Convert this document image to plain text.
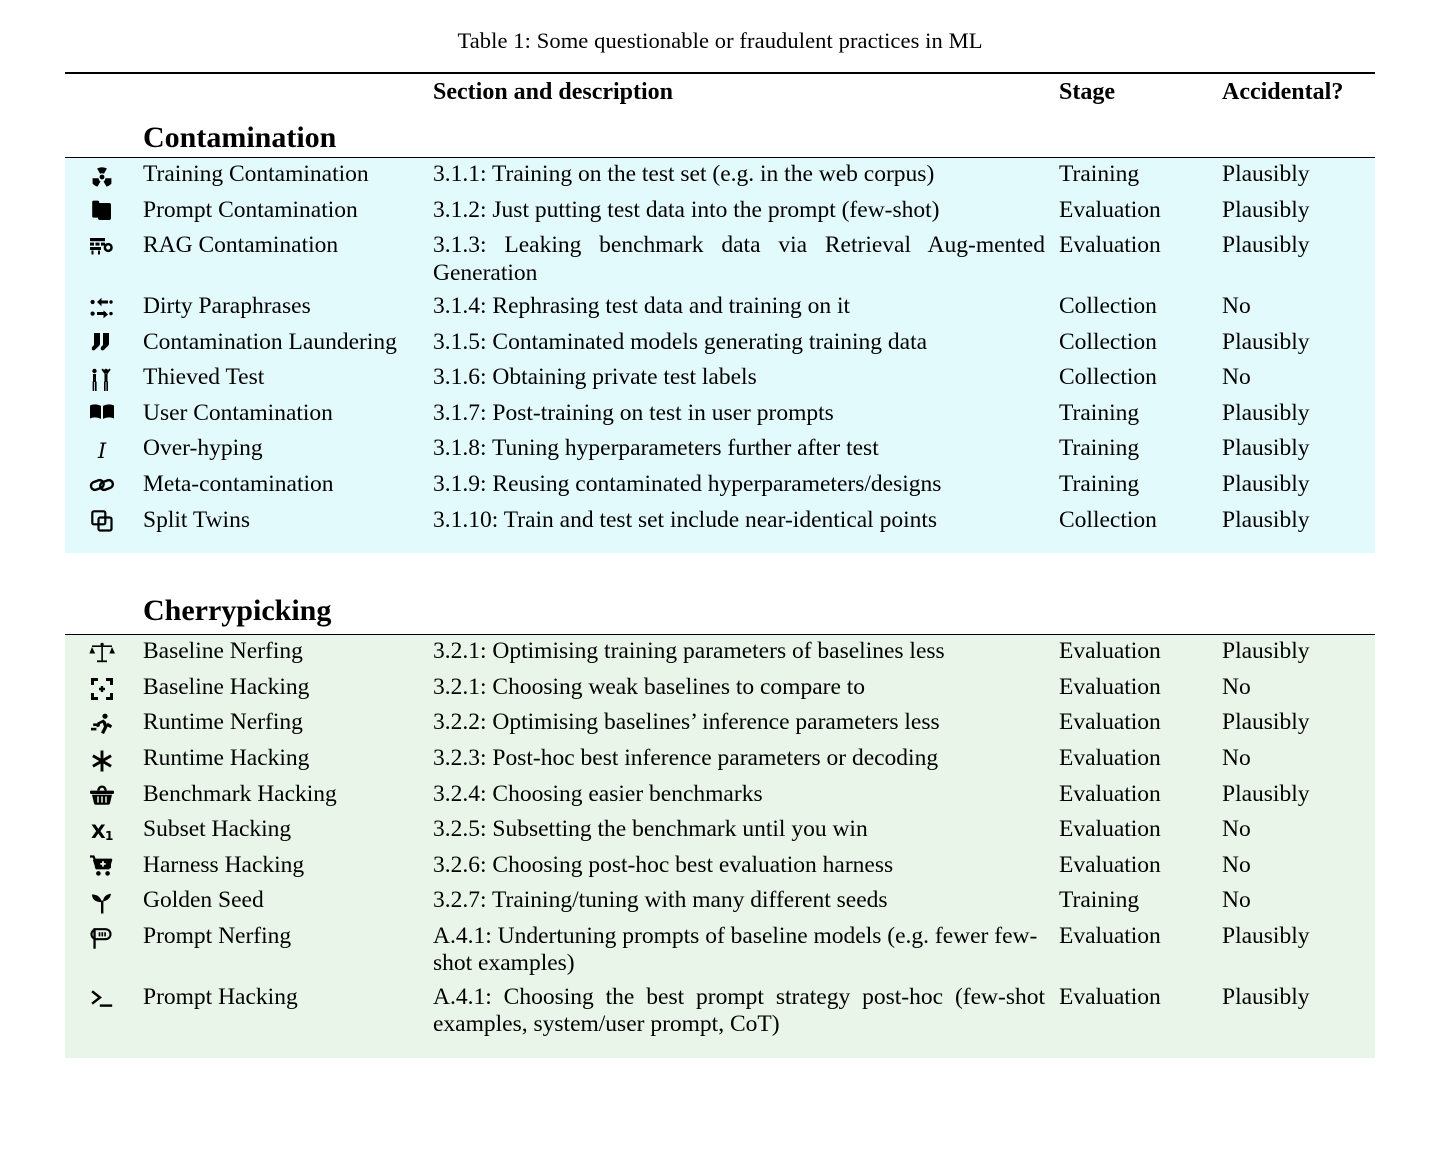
Table 1: Some questionable or fraudulent practices in ML

	Contamination	Section and description	Stage	Accidental?

	Training Contamination	3.1.1: Training on the test set (e.g. in the web corpus)	Training	Plausibly

	Prompt Contamination	3.1.2: Just putting test data into the prompt (few-shot)	Evaluation	Plausibly

	RAG Contamination	3.1.3: Leaking benchmark data via Retrieval Aug-mented Generation	Evaluation	Plausibly

	Dirty Paraphrases	3.1.4: Rephrasing test data and training on it	Collection	No

	Contamination Laundering	3.1.5: Contaminated models generating training data	Collection	Plausibly

	Thieved Test	3.1.6: Obtaining private test labels	Collection	No

	User Contamination	3.1.7: Post-training on test in user prompts	Training	Plausibly

I	Over-hyping	3.1.8: Tuning hyperparameters further after test	Training	Plausibly

	Meta-contamination	3.1.9: Reusing contaminated hyperparameters/designs	Training	Plausibly

	Split Twins	3.1.10: Train and test set include near-identical points	Collection	Plausibly

	Cherrypicking			

	Baseline Nerfing	3.2.1: Optimising training parameters of baselines less	Evaluation	Plausibly

	Baseline Hacking	3.2.1: Choosing weak baselines to compare to	Evaluation	No

	Runtime Nerfing	3.2.2: Optimising baselines’ inference parameters less	Evaluation	Plausibly

	Runtime Hacking	3.2.3: Post-hoc best inference parameters or decoding	Evaluation	No

	Benchmark Hacking	3.2.4: Choosing easier benchmarks	Evaluation	Plausibly

X 1	Subset Hacking	3.2.5: Subsetting the benchmark until you win	Evaluation	No

	Harness Hacking	3.2.6: Choosing post-hoc best evaluation harness	Evaluation	No

	Golden Seed	3.2.7: Training/tuning with many different seeds	Training	No

	Prompt Nerfing	A.4.1: Undertuning prompts of baseline models (e.g. fewer few-shot examples)	Evaluation	Plausibly

	Prompt Hacking	A.4.1: Choosing the best prompt strategy post-hoc (few-shot examples, system/user prompt, CoT)	Evaluation	Plausibly
